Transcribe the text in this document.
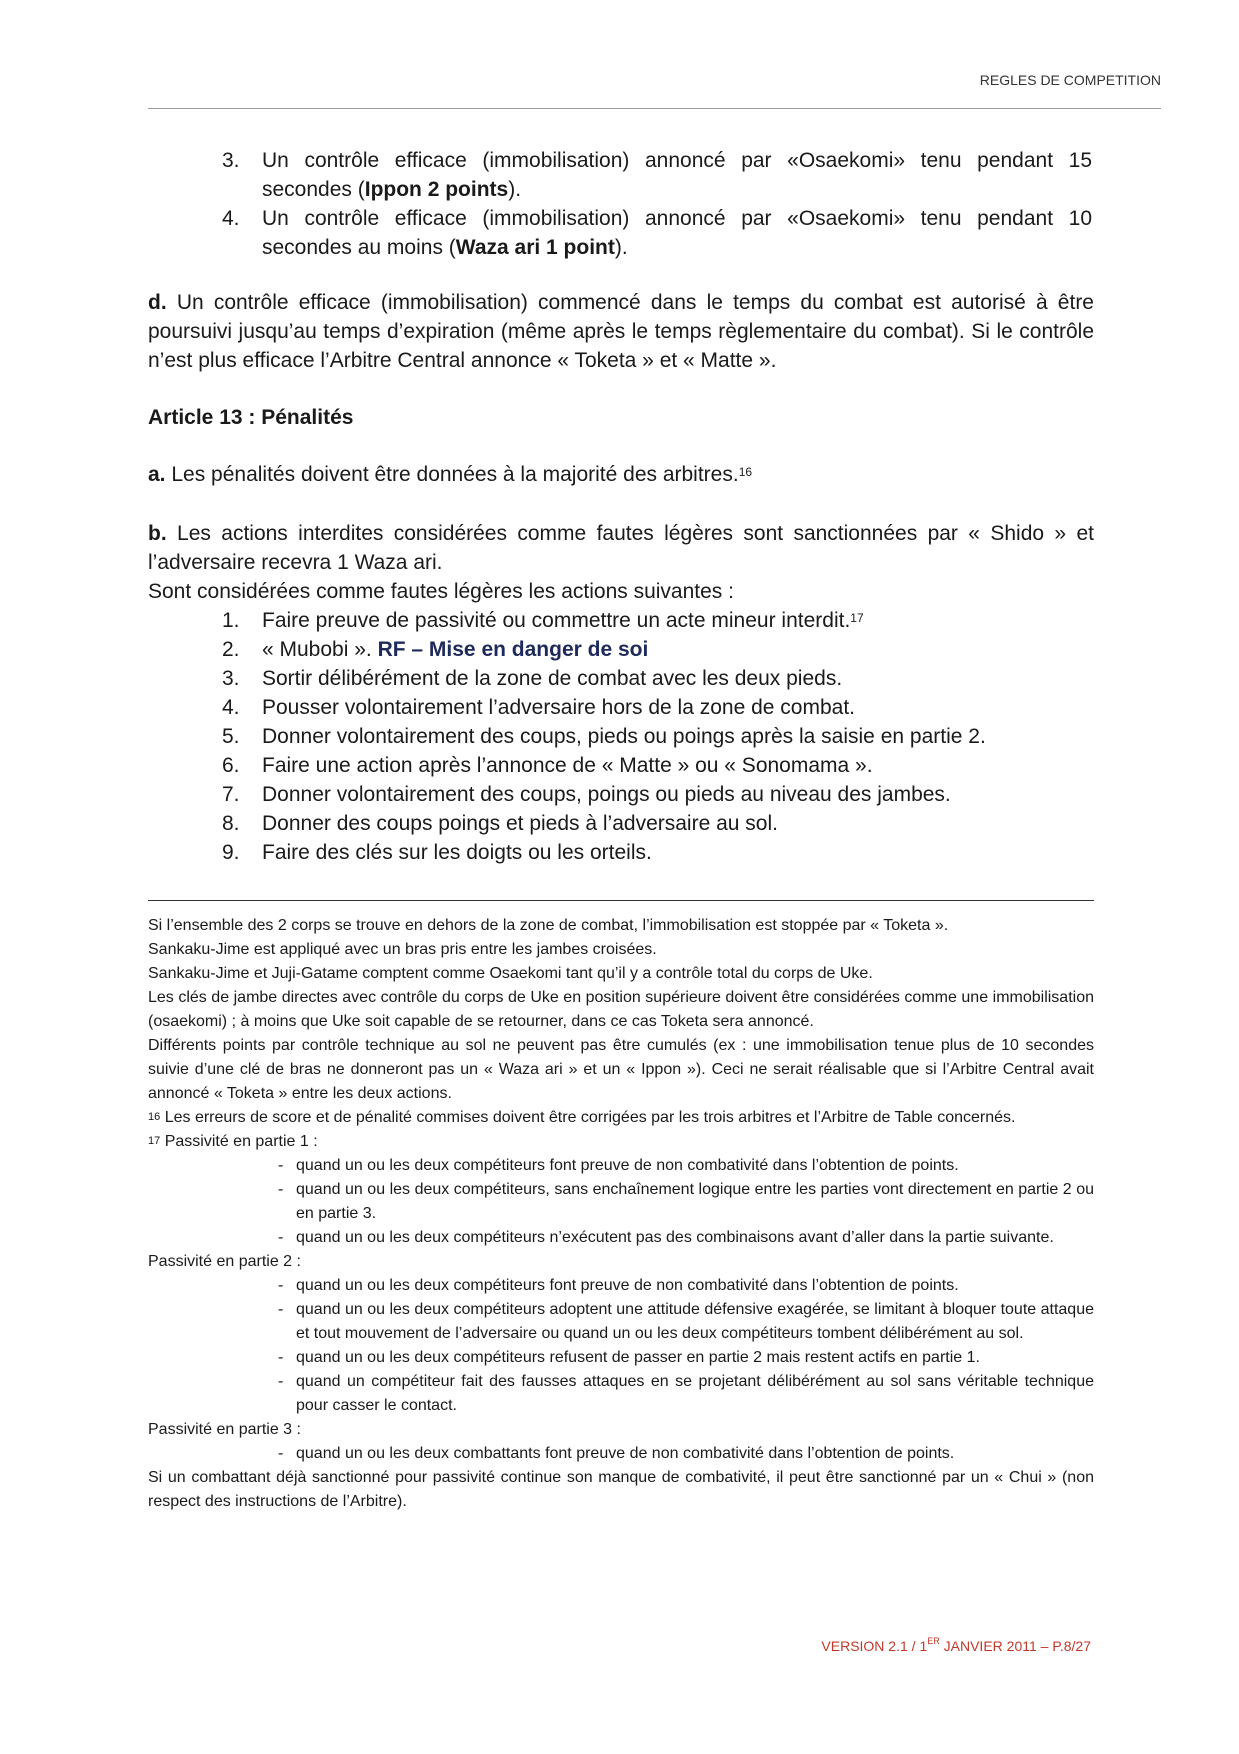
REGLES DE COMPETITION
3.	Un contrôle efficace (immobilisation) annoncé par «Osaekomi» tenu pendant 15 secondes (Ippon 2 points).
4.	Un contrôle efficace (immobilisation) annoncé par «Osaekomi» tenu pendant 10 secondes au moins (Waza ari 1 point).
d. Un contrôle efficace (immobilisation) commencé dans le temps du combat est autorisé à être poursuivi jusqu’au temps d’expiration (même après le temps règlementaire du combat). Si le contrôle n’est plus efficace l’Arbitre Central annonce « Toketa » et « Matte ».
Article 13 : Pénalités
a. Les pénalités doivent être données à la majorité des arbitres.$^{16}$
b. Les actions interdites considérées comme fautes légères sont sanctionnées par « Shido » et l’adversaire recevra 1 Waza ari.
Sont considérées comme fautes légères les actions suivantes :
1.	Faire preuve de passivité ou commettre un acte mineur interdit.$^{17}$
2.	« Mubobi ». RF – Mise en danger de soi
3.	Sortir délibérément de la zone de combat avec les deux pieds.
4.	Pousser volontairement l’adversaire hors de la zone de combat.
5.	Donner volontairement des coups, pieds ou poings après la saisie en partie 2.
6.	Faire une action après l’annonce de « Matte » ou « Sonomama ».
7.	Donner volontairement des coups, poings ou pieds au niveau des jambes.
8.	Donner des coups poings et pieds à l’adversaire au sol.
9.	Faire des clés sur les doigts ou les orteils.

Si l’ensemble des 2 corps se trouve en dehors de la zone de combat, l’immobilisation est stoppée par « Toketa ».

Sankaku-Jime est appliqué avec un bras pris entre les jambes croisées.

Sankaku-Jime et Juji-Gatame comptent comme Osaekomi tant qu’il y a contrôle total du corps de Uke.

Les clés de jambe directes avec contrôle du corps de Uke en position supérieure doivent être considérées comme une immobilisation (osaekomi) ; à moins que Uke soit capable de se retourner, dans ce cas Toketa sera annoncé.

Différents points par contrôle technique au sol ne peuvent pas être cumulés (ex : une immobilisation tenue plus de 10 secondes suivie d’une clé de bras ne donneront pas un « Waza ari » et un « Ippon »). Ceci ne serait réalisable que si l’Arbitre Central avait annoncé « Toketa » entre les deux actions.

$^{16}$ Les erreurs de score et de pénalité commises doivent être corrigées par les trois arbitres et l’Arbitre de Table concernés.

$^{17}$ Passivité en partie 1 :

- quand un ou les deux compétiteurs font preuve de non combativité dans l’obtention de points.
- quand un ou les deux compétiteurs, sans enchaînement logique entre les parties vont directement en partie 2 ou en partie 3.
- quand un ou les deux compétiteurs n’exécutent pas des combinaisons avant d’aller dans la partie suivante.

Passivité en partie 2 :

- quand un ou les deux compétiteurs font preuve de non combativité dans l’obtention de points.
- quand un ou les deux compétiteurs adoptent une attitude défensive exagérée, se limitant à bloquer toute attaque et tout mouvement de l’adversaire ou quand un ou les deux compétiteurs tombent délibérément au sol.
- quand un ou les deux compétiteurs refusent de passer en partie 2 mais restent actifs en partie 1.
- quand un compétiteur fait des fausses attaques en se projetant délibérément au sol sans véritable technique pour casser le contact.

Passivité en partie 3 :

- quand un ou les deux combattants font preuve de non combativité dans l’obtention de points.

Si un combattant déjà sanctionné pour passivité continue son manque de combativité, il peut être sanctionné par un « Chui » (non respect des instructions de l’Arbitre).

VERSION 2.1 / 1ER JANVIER 2011 – P.8/27
